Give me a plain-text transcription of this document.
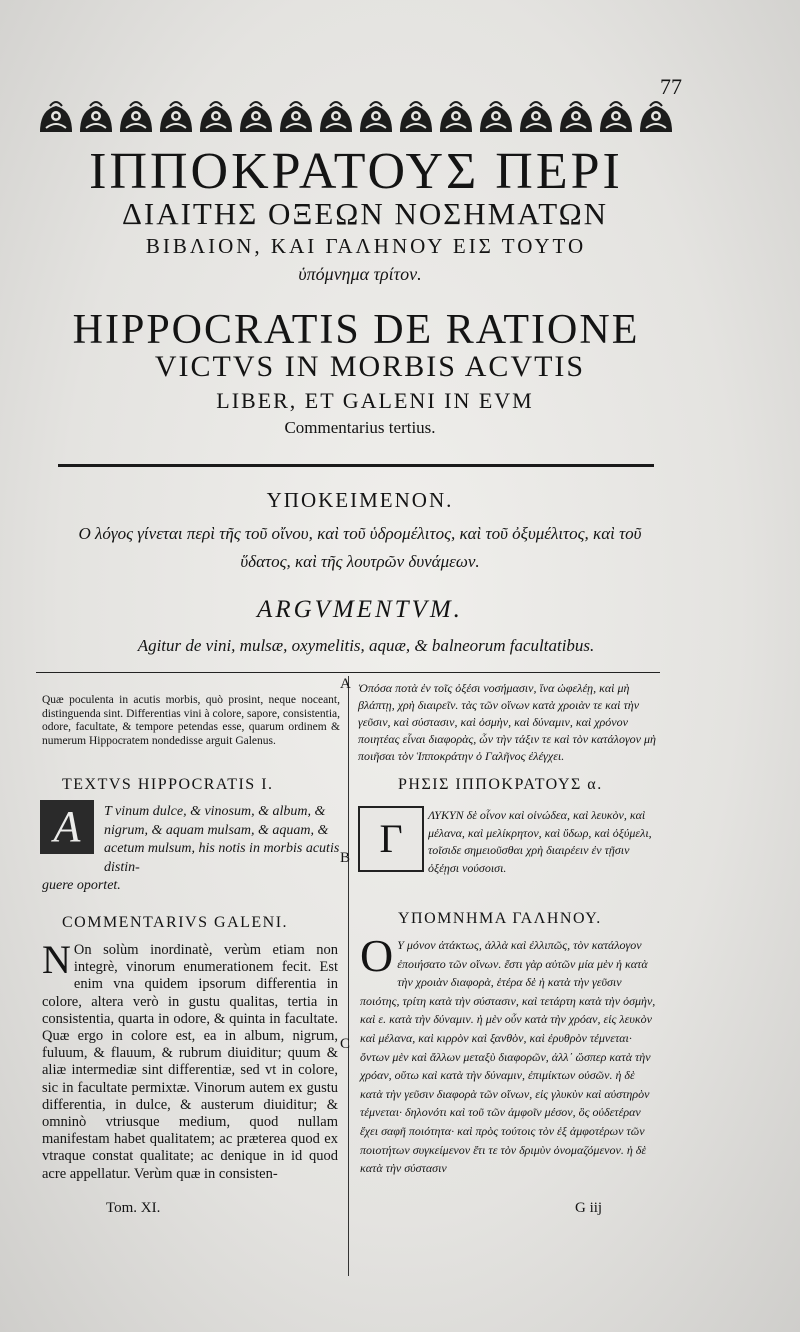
77
ΙΠΠΟΚΡΑΤΟΥΣ ΠΕΡΙ
ΔΙΑΙΤΗΣ ΟΞΕΩΝ ΝΟΣΗΜΑΤΩΝ
ΒΙΒΛΙΟΝ, ΚΑΙ ΓΑΛΗΝΟΥ ΕΙΣ ΤΟΥΤΟ
ὑπόμνημα τρίτον.
HIPPOCRATIS DE RATIONE
VICTVS IN MORBIS ACVTIS
LIBER, ET GALENI IN EVM
Commentarius tertius.
ΥΠΟΚΕΙΜΕΝΟΝ.
Ο λόγος γίνεται περὶ τῆς τοῦ οἴνου, καὶ τοῦ ὑδρομέλιτος, καὶ τοῦ ὀξυμέλιτος, καὶ τοῦ ὕδατος, καὶ τῆς λουτρῶν δυνάμεων.
ARGVMENTVM.
Agitur de vini, mulsæ, oxymelitis, aquæ, & balneorum facultatibus.
A
B
C
Quæ poculenta in acutis morbis, quò prosint, neque noceant, distinguenda sint. Differentias vini à colore, sapore, consistentia, odore, facultate, & tempore petendas esse, quarum ordinem & numerum Hippocratem nondedisse arguit Galenus.
TEXTVS HIPPOCRATIS I.
A	T vinum dulce, & vinosum, & album, & nigrum, & aquam mulsam, & aquam, & acetum mulsum, his notis in morbis acutis distin-
guere oportet.
COMMENTARIVS GALENI.
N On solùm inordinatè, verùm etiam non integrè, vinorum enumerationem fecit. Est enim vna quidem ipsorum differentia in colore, altera verò in gustu qualitas, tertia in consistentia, quarta in odore, & quinta in facultate. Quæ ergo in colore est, ea in album, nigrum, fuluum, & flauum, & rubrum diuiditur; quum & aliæ intermediæ sint differentiæ, sed vt in colore, sic in facultate permixtæ. Vinorum autem ex gustu differentia, in dulce, & austerum diuiditur; & omninò vtriusque medium, quod nullam manifestam habet qualitatem; ac præterea quod ex vtraque constat qualitate; ac denique in id quod acre appellatur. Verùm quæ in consisten-
Tom. XI.
Ὁπόσα ποτὰ ἐν τοῖς ὀξέσι νοσήμασιν, ἵνα ὠφελέῃ, καὶ μὴ βλάπτῃ, χρὴ διαιρεῖν. τὰς τῶν οἴνων κατὰ χροιὰν τε καὶ τὴν γεῦσιν, καὶ σύστασιν, καὶ ὀσμὴν, καὶ δύναμιν, καὶ χρόνον ποιητέας εἶναι διαφορὰς, ὧν τὴν τάξιν τε καὶ τὸν κατάλογον μὴ ποιῆσαι τὸν Ἱπποκράτην ὁ Γαλῆνος ἐλέγχει.
ΡΗΣΙΣ ΙΠΠΟΚΡΑΤΟΥΣ α.
Γ
ΛΥΚΥΝ δὲ οἶνον καὶ οἰνώδεα, καὶ λευκὸν, καὶ μέλανα, καὶ μελίκρητον, καὶ ὕδωρ, καὶ ὀξύμελι, τοῖσιδε σημειοῦσθαι χρὴ διαιρέειν ἐν τῇσιν ὀξέῃσι νούσοισι.
ΥΠΟΜΝΗΜΑ ΓΑΛΗΝΟΥ.
Ο Υ μόνον ἀτάκτως, ἀλλὰ καὶ ἐλλιπῶς, τὸν κατάλογον ἐποιήσατο τῶν οἴνων. ἔστι γὰρ αὐτῶν μία μὲν ἡ κατὰ τὴν χροιὰν διαφορὰ, ἑτέρα δὲ ἡ κατὰ τὴν γεῦσιν ποιότης, τρίτη κατὰ τὴν σύστασιν, καὶ τετάρτη κατὰ τὴν ὀσμὴν, καὶ ε. κατὰ τὴν δύναμιν. ἡ μὲν οὖν κατὰ τὴν χρόαν, εἰς λευκὸν καὶ μέλανα, καὶ κιρρὸν καὶ ξανθὸν, καὶ ἐρυθρὸν τέμνεται· ὄντων μὲν καὶ ἄλλων μεταξὺ διαφορῶν, ἀλλ᾽ ὥσπερ κατὰ τὴν χρόαν, οὕτω καὶ κατὰ τὴν δύναμιν, ἐπιμίκτων οὐσῶν. ἡ δὲ κατὰ τὴν γεῦσιν διαφορὰ τῶν οἴνων, εἰς γλυκὺν καὶ αὐστηρὸν τέμνεται· δηλονότι καὶ τοῦ τῶν ἀμφοῖν μέσον, ὃς οὐδετέραν ἔχει σαφῆ ποιότητα· καὶ πρὸς τούτοις τὸν ἐξ ἀμφοτέρων τῶν ποιοτήτων συγκείμενον ἔτι τε τὸν δριμὺν ὀνομαζόμενον. ἡ δὲ κατὰ τὴν σύστασιν
G iij
